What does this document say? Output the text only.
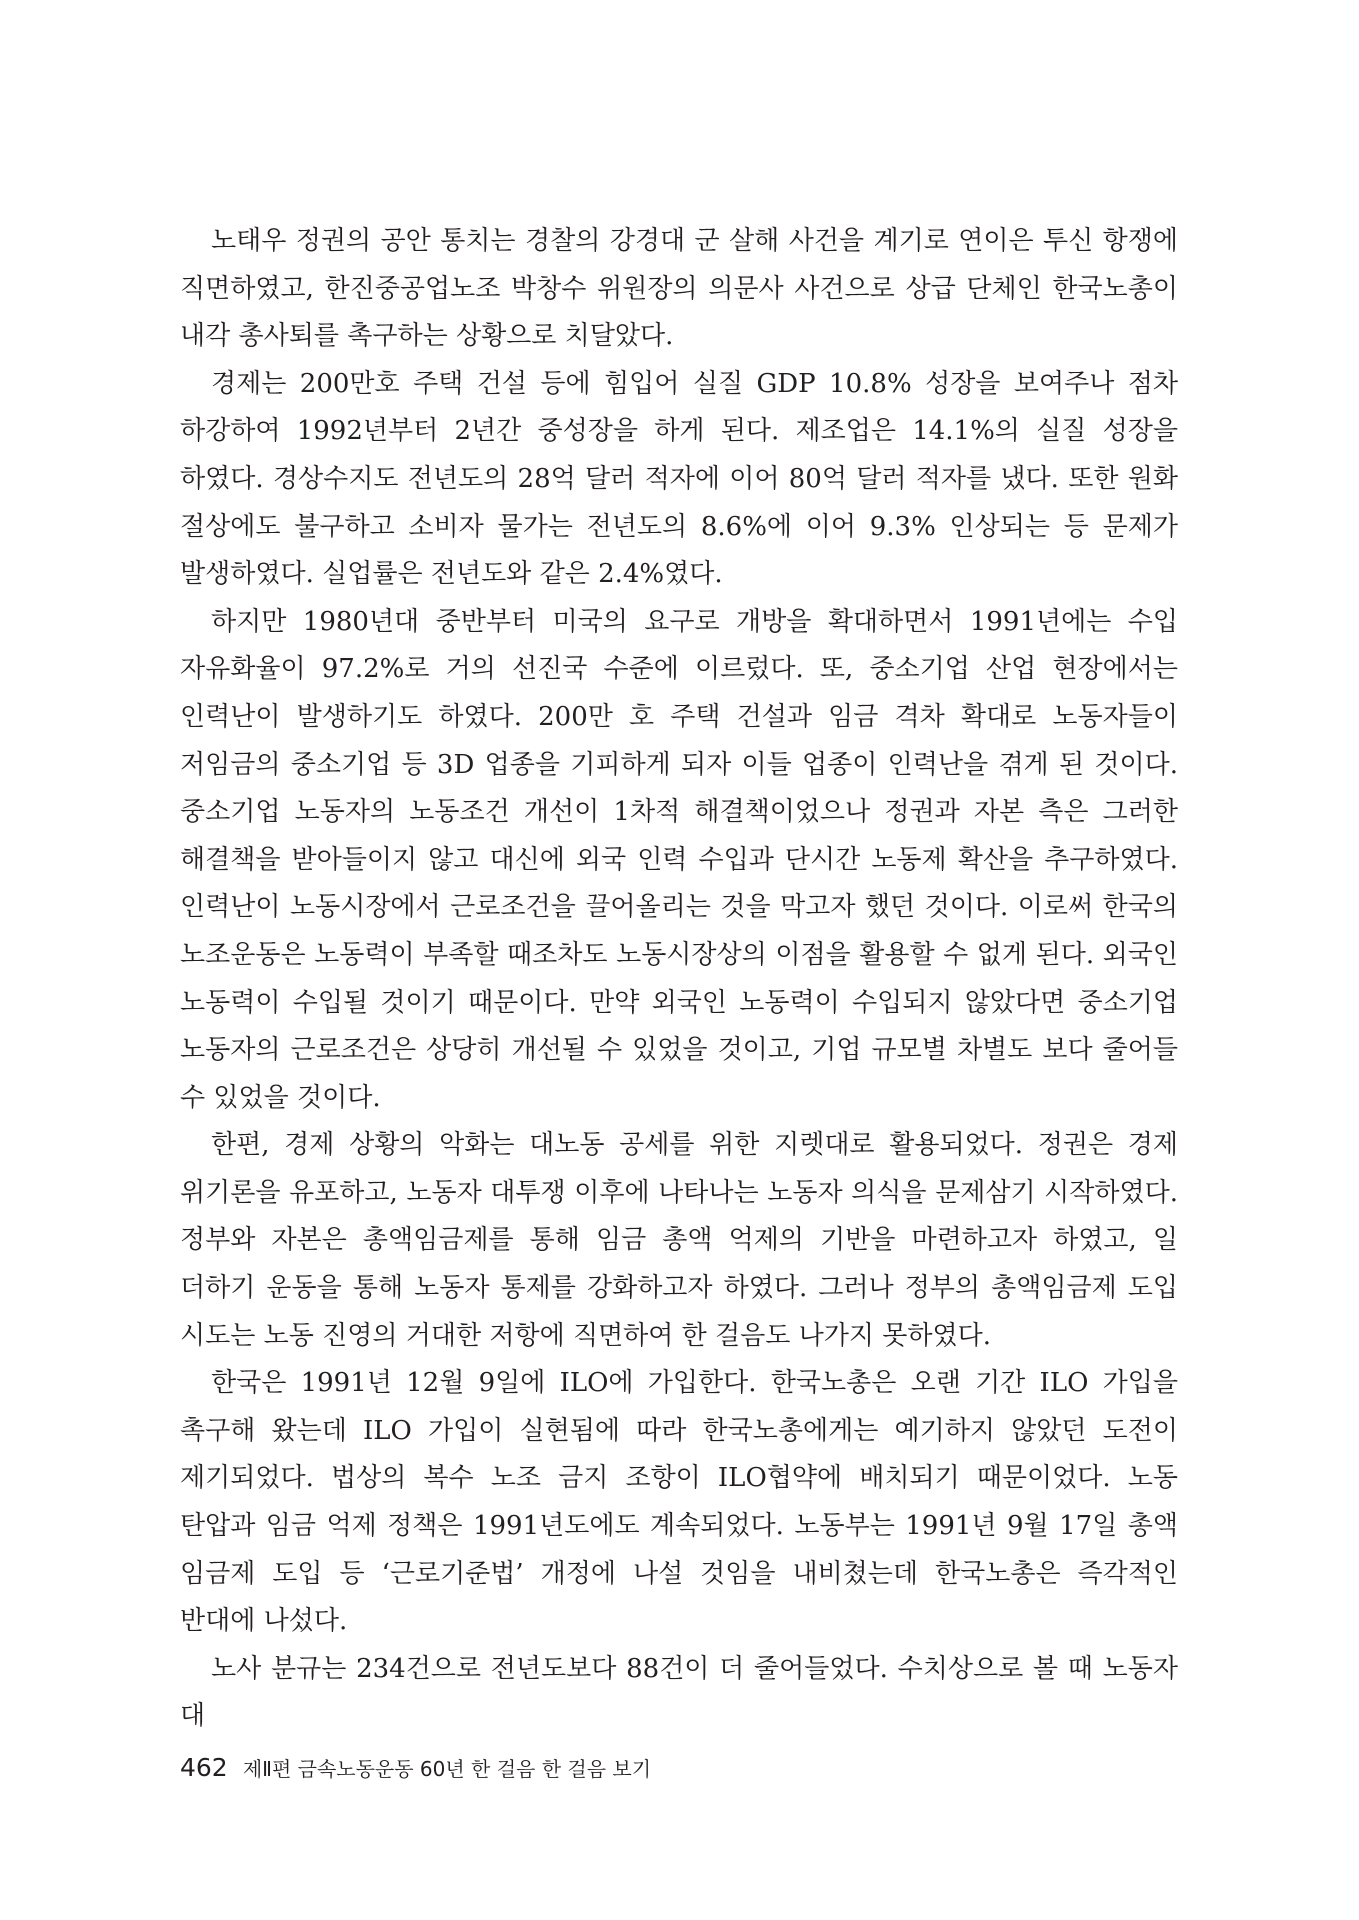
노태우 정권의 공안 통치는 경찰의 강경대 군 살해 사건을 계기로 연이은 투신 항쟁에 직면하였고, 한진중공업노조 박창수 위원장의 의문사 사건으로 상급 단체인 한국노총이 내각 총사퇴를 촉구하는 상황으로 치달았다.

경제는 200만호 주택 건설 등에 힘입어 실질 GDP 10.8% 성장을 보여주나 점차 하강하여 1992년부터 2년간 중성장을 하게 된다. 제조업은 14.1%의 실질 성장을 하였다. 경상수지도 전년도의 28억 달러 적자에 이어 80억 달러 적자를 냈다. 또한 원화 절상에도 불구하고 소비자 물가는 전년도의 8.6%에 이어 9.3% 인상되는 등 문제가 발생하였다. 실업률은 전년도와 같은 2.4%였다.

하지만 1980년대 중반부터 미국의 요구로 개방을 확대하면서 1991년에는 수입 자유화율이 97.2%로 거의 선진국 수준에 이르렀다. 또, 중소기업 산업 현장에서는 인력난이 발생하기도 하였다. 200만 호 주택 건설과 임금 격차 확대로 노동자들이 저임금의 중소기업 등 3D 업종을 기피하게 되자 이들 업종이 인력난을 겪게 된 것이다. 중소기업 노동자의 노동조건 개선이 1차적 해결책이었으나 정권과 자본 측은 그러한 해결책을 받아들이지 않고 대신에 외국 인력 수입과 단시간 노동제 확산을 추구하였다. 인력난이 노동시장에서 근로조건을 끌어올리는 것을 막고자 했던 것이다. 이로써 한국의 노조운동은 노동력이 부족할 때조차도 노동시장상의 이점을 활용할 수 없게 된다. 외국인 노동력이 수입될 것이기 때문이다. 만약 외국인 노동력이 수입되지 않았다면 중소기업 노동자의 근로조건은 상당히 개선될 수 있었을 것이고, 기업 규모별 차별도 보다 줄어들 수 있었을 것이다.

한편, 경제 상황의 악화는 대노동 공세를 위한 지렛대로 활용되었다. 정권은 경제 위기론을 유포하고, 노동자 대투쟁 이후에 나타나는 노동자 의식을 문제삼기 시작하였다. 정부와 자본은 총액임금제를 통해 임금 총액 억제의 기반을 마련하고자 하였고, 일 더하기 운동을 통해 노동자 통제를 강화하고자 하였다. 그러나 정부의 총액임금제 도입 시도는 노동 진영의 거대한 저항에 직면하여 한 걸음도 나가지 못하였다.

한국은 1991년 12월 9일에 ILO에 가입한다. 한국노총은 오랜 기간 ILO 가입을 촉구해 왔는데 ILO 가입이 실현됨에 따라 한국노총에게는 예기하지 않았던 도전이 제기되었다. 법상의 복수 노조 금지 조항이 ILO협약에 배치되기 때문이었다. 노동 탄압과 임금 억제 정책은 1991년도에도 계속되었다. 노동부는 1991년 9월 17일 총액 임금제 도입 등 ‘근로기준법’ 개정에 나설 것임을 내비쳤는데 한국노총은 즉각적인 반대에 나섰다.

노사 분규는 234건으로 전년도보다 88건이 더 줄어들었다. 수치상으로 볼 때 노동자 대

462 제Ⅱ편 금속노동운동 60년 한 걸음 한 걸음 보기
